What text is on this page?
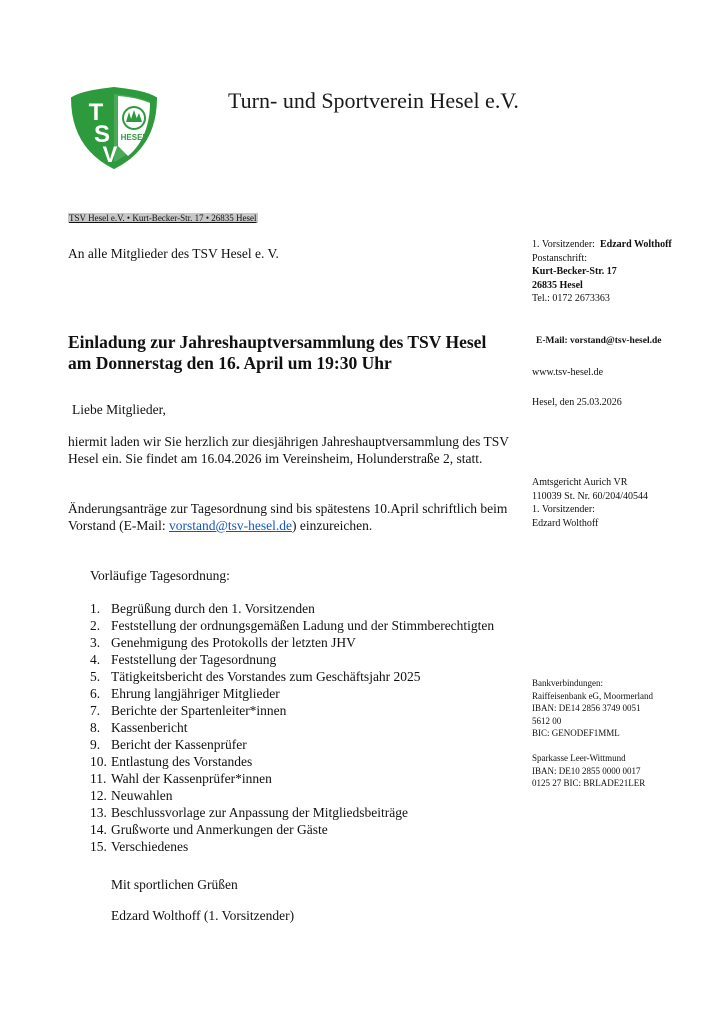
T
S
V
HESEL
Turn- und Sportverein Hesel e.V.
TSV Hesel e.V. • Kurt-Becker-Str. 17 • 26835 Hesel
An alle Mitglieder des TSV Hesel e. V.
Einladung zur Jahreshauptversammlung des TSV Hesel
am Donnerstag den 16. April um 19:30 Uhr
Liebe Mitglieder,
hiermit laden wir Sie herzlich zur diesjährigen Jahreshauptversammlung des TSV Hesel ein. Sie findet am 16.04.2026 im Vereinsheim, Holunderstraße 2, statt.
Änderungsanträge zur Tagesordnung sind bis spätestens 10.April schriftlich beim Vorstand (E-Mail: vorstand@tsv-hesel.de) einzureichen.
Vorläufige Tagesordnung:
1. Begrüßung durch den 1. Vorsitzenden
2. Feststellung der ordnungsgemäßen Ladung und der Stimmberechtigten
3. Genehmigung des Protokolls der letzten JHV
4. Feststellung der Tagesordnung
5. Tätigkeitsbericht des Vorstandes zum Geschäftsjahr 2025
6. Ehrung langjähriger Mitglieder
7. Berichte der Spartenleiter*innen
8. Kassenbericht
9. Bericht der Kassenprüfer
10. Entlastung des Vorstandes
11. Wahl der Kassenprüfer*innen
12. Neuwahlen
13. Beschlussvorlage zur Anpassung der Mitgliedsbeiträge
14. Grußworte und Anmerkungen der Gäste
15. Verschiedenes
Mit sportlichen Grüßen
Edzard Wolthoff (1. Vorsitzender)
1. Vorsitzender: Edzard Wolthoff
Postanschrift:
Kurt-Becker-Str. 17
26835 Hesel
Tel.: 0172 2673363
E-Mail: vorstand@tsv-hesel.de
www.tsv-hesel.de
Hesel, den 25.03.2026
Amtsgericht Aurich VR
110039 St. Nr. 60/204/40544
1. Vorsitzender:
Edzard Wolthoff
Bankverbindungen:
Raiffeisenbank eG, Moormerland
IBAN: DE14 2856 3749 0051
5612 00
BIC: GENODEF1MML
Sparkasse Leer-Wittmund
IBAN: DE10 2855 0000 0017
0125 27 BIC: BRLADE21LER
